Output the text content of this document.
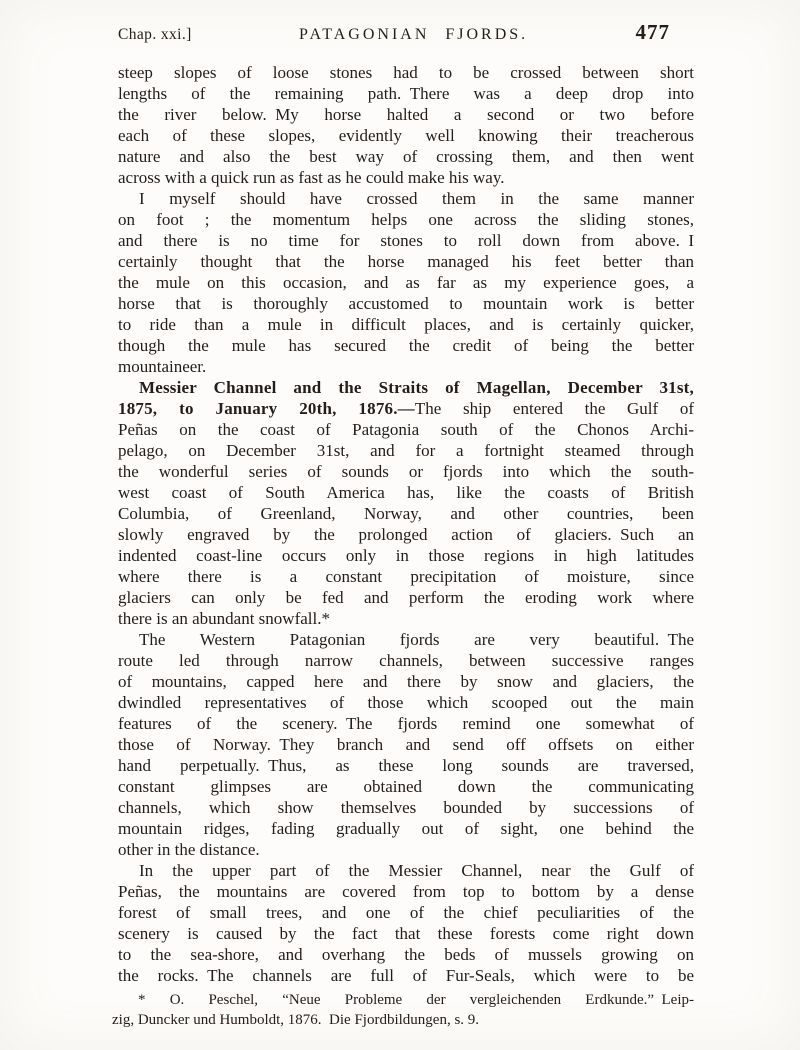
Chap. xxi.]	PATAGONIAN FJORDS.	477
steep slopes of loose stones had to be crossed between short
lengths of the remaining path. There was a deep drop into
the river below. My horse halted a second or two before
each of these slopes, evidently well knowing their treacherous
nature and also the best way of crossing them, and then went
across with a quick run as fast as he could make his way.
I myself should have crossed them in the same manner
on foot ; the momentum helps one across the sliding stones,
and there is no time for stones to roll down from above. I
certainly thought that the horse managed his feet better than
the mule on this occasion, and as far as my experience goes, a
horse that is thoroughly accustomed to mountain work is better
to ride than a mule in difficult places, and is certainly quicker,
though the mule has secured the credit of being the better
mountaineer.
Messier Channel and the Straits of Magellan, December 31st,
1875, to January 20th, 1876.—The ship entered the Gulf of
Peñas on the coast of Patagonia south of the Chonos Archi-
pelago, on December 31st, and for a fortnight steamed through
the wonderful series of sounds or fjords into which the south-
west coast of South America has, like the coasts of British
Columbia, of Greenland, Norway, and other countries, been
slowly engraved by the prolonged action of glaciers. Such an
indented coast-line occurs only in those regions in high latitudes
where there is a constant precipitation of moisture, since
glaciers can only be fed and perform the eroding work where
there is an abundant snowfall.*
The Western Patagonian fjords are very beautiful. The
route led through narrow channels, between successive ranges
of mountains, capped here and there by snow and glaciers, the
dwindled representatives of those which scooped out the main
features of the scenery. The fjords remind one somewhat of
those of Norway. They branch and send off offsets on either
hand perpetually. Thus, as these long sounds are traversed,
constant glimpses are obtained down the communicating
channels, which show themselves bounded by successions of
mountain ridges, fading gradually out of sight, one behind the
other in the distance.
In the upper part of the Messier Channel, near the Gulf of
Peñas, the mountains are covered from top to bottom by a dense
forest of small trees, and one of the chief peculiarities of the
scenery is caused by the fact that these forests come right down
to the sea-shore, and overhang the beds of mussels growing on
the rocks. The channels are full of Fur-Seals, which were to be
* O. Peschel, “Neue Probleme der vergleichenden Erdkunde.” Leip-
zig, Duncker und Humboldt, 1876. Die Fjordbildungen, s. 9.
